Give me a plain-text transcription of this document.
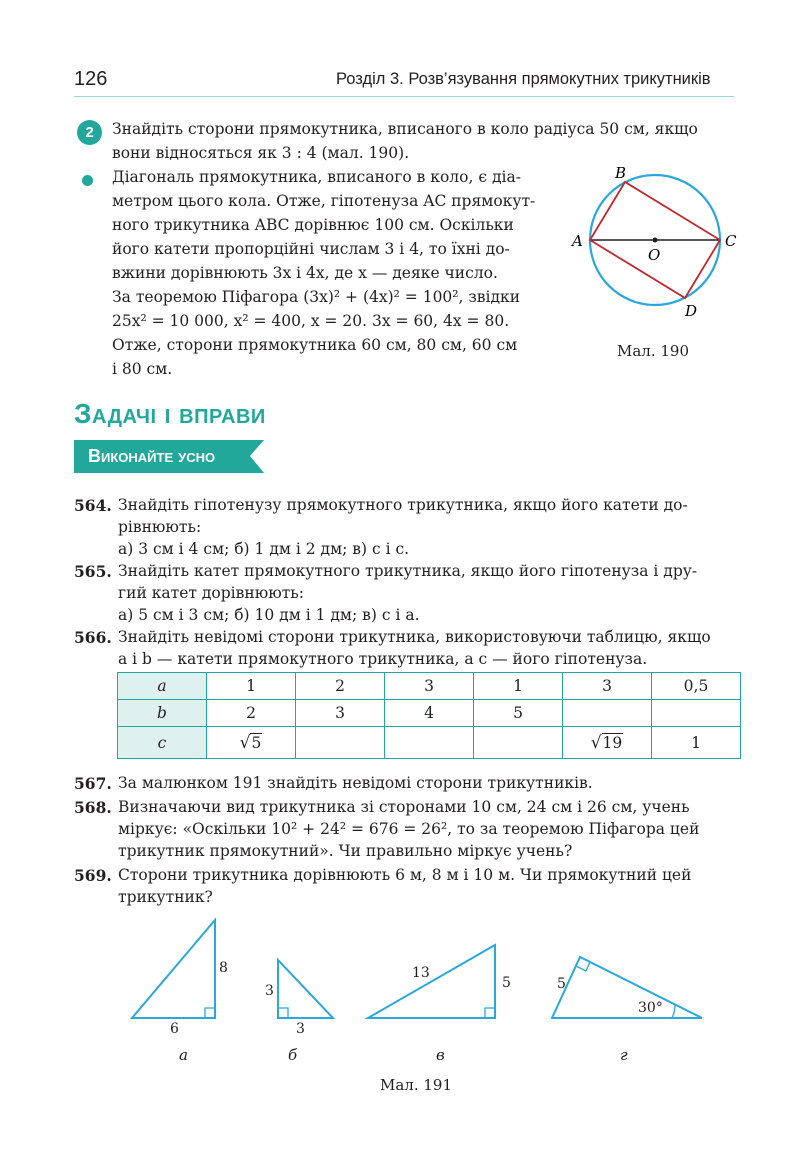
126	Розділ 3. Розв’язування прямокутних трикутників
2	Знайдіть сторони прямокутника, вписаного в коло радіуса 50 см, якщо
вони відносяться як 3 : 4 (мал. 190).
Діагональ прямокутника, вписаного в коло, є діа-
метром цього кола. Отже, гіпотенуза AC прямокут-
ного трикутника ABC дорівнює 100 см. Оскільки
його катети пропорційні числам 3 і 4, то їхні до-
вжини дорівнюють 3x і 4x, де x — деяке число.
За теоремою Піфагора (3x)² + (4x)² = 100², звідки
25x² = 10 000, x² = 400, x = 20. 3x = 60, 4x = 80.
Отже, сторони прямокутника 60 см, 80 см, 60 см
і 80 см.
A
B
C
D
O
Мал. 190
Задачі і вправи
Виконайте усно
564. Знайдіть гіпотенузу прямокутного трикутника, якщо його катети до-
рівнюють:
а) 3 см і 4 см; б) 1 дм і 2 дм; в) c і c.
565. Знайдіть катет прямокутного трикутника, якщо його гіпотенуза і дру-
гий катет дорівнюють:
а) 5 см і 3 см; б) 10 дм і 1 дм; в) c і a.
566. Знайдіть невідомі сторони трикутника, використовуючи таблицю, якщо
a і b — катети прямокутного трикутника, а c — його гіпотенуза.
a	1	2	3	1	3	0,5
b	2	3	4	5		
c	√5				√19	1
567. За малюнком 191 знайдіть невідомі сторони трикутників.
568. Визначаючи вид трикутника зі сторонами 10 см, 24 см і 26 см, учень
міркує: «Оскільки 10² + 24² = 676 = 26², то за теоремою Піфагора цей
трикутник прямокутний». Чи правильно міркує учень?
569. Сторони трикутника дорівнюють 6 м, 8 м і 10 м. Чи прямокутний цей
трикутник?
8
6
3
3
13
5	5
30°
а	б	в	г
Мал. 191
